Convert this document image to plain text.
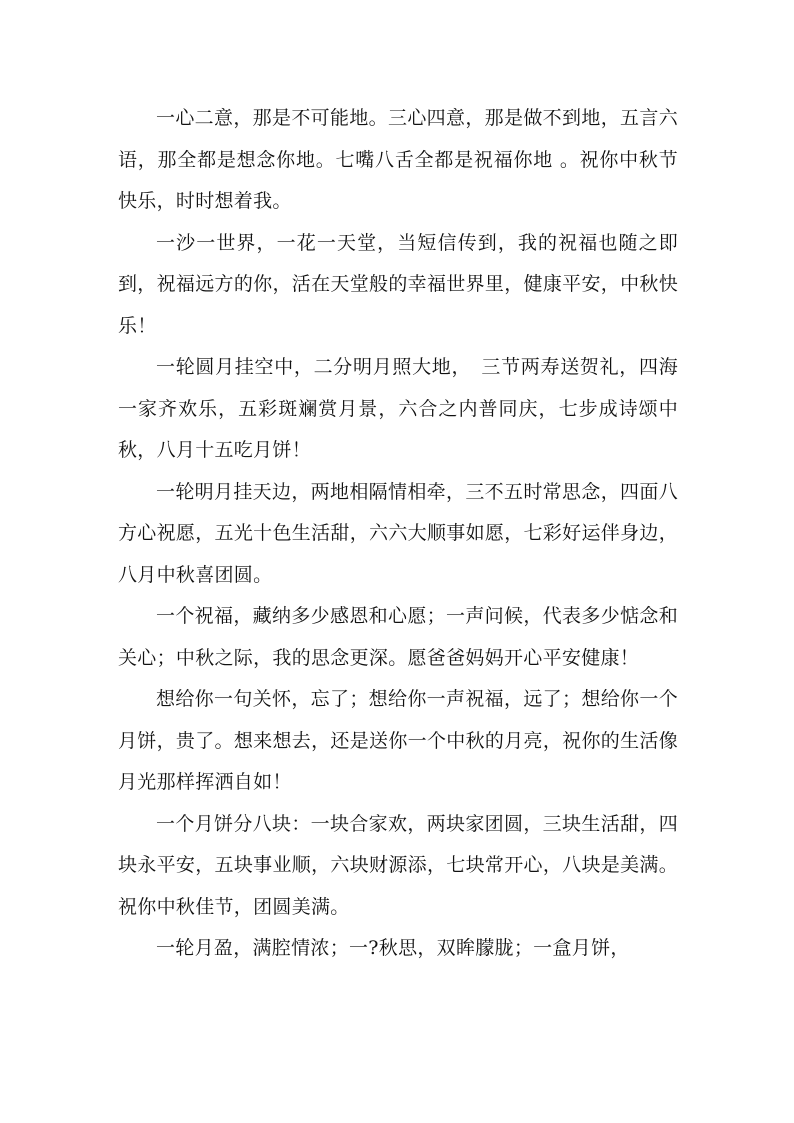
一心二意，那是不可能地。三心四意，那是做不到地，五言六语，那全都是想念你地。七嘴八舌全都是祝福你地 。祝你中秋节快乐，时时想着我。

一沙一世界，一花一天堂，当短信传到，我的祝福也随之即到，祝福远方的你，活在天堂般的幸福世界里，健康平安，中秋快乐！

一轮圆月挂空中，二分明月照大地，　三节两寿送贺礼，四海一家齐欢乐，五彩斑斓赏月景，六合之内普同庆，七步成诗颂中秋，八月十五吃月饼！

一轮明月挂天边，两地相隔情相牵，三不五时常思念，四面八方心祝愿，五光十色生活甜，六六大顺事如愿，七彩好运伴身边，八月中秋喜团圆。

一个祝福，藏纳多少感恩和心愿；一声问候，代表多少惦念和关心；中秋之际，我的思念更深。愿爸爸妈妈开心平安健康！

想给你一句关怀，忘了；想给你一声祝福，远了；想给你一个月饼，贵了。想来想去，还是送你一个中秋的月亮，祝你的生活像月光那样挥洒自如！

一个月饼分八块：一块合家欢，两块家团圆，三块生活甜，四块永平安，五块事业顺，六块财源添，七块常开心，八块是美满。祝你中秋佳节，团圆美满。

一轮月盈，满腔情浓；一?秋思，双眸朦胧；一盒月饼，
